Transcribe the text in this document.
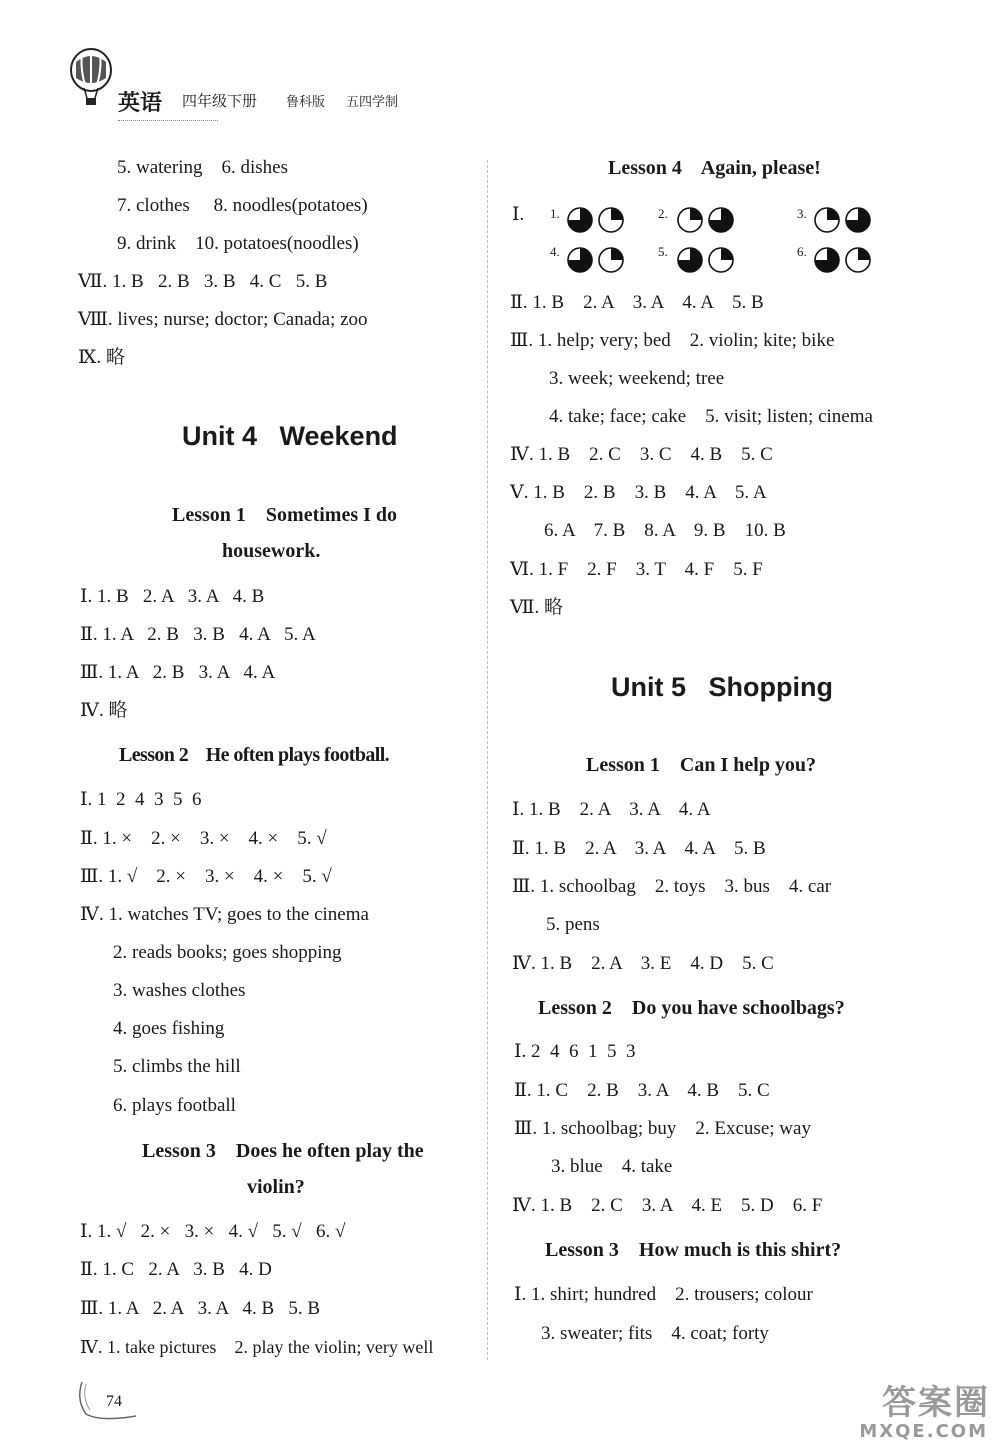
英语 四年级下册 鲁科版 五四学制
5. watering    6. dishes
7. clothes     8. noodles(potatoes)
9. drink    10. potatoes(noodles)
Ⅶ. 1. B   2. B   3. B   4. C   5. B
Ⅷ. lives; nurse; doctor; Canada; zoo
Ⅸ. 略
Unit 4   Weekend
Lesson 1    Sometimes I do
housework.
Ⅰ. 1. B   2. A   3. A   4. B
Ⅱ. 1. A   2. B   3. B   4. A   5. A
Ⅲ. 1. A   2. B   3. A   4. A
Ⅳ. 略
Lesson 2    He often plays football.
Ⅰ. 1  2  4  3  5  6
Ⅱ. 1. ×    2. ×    3. ×    4. ×    5. √
Ⅲ. 1. √    2. ×    3. ×    4. ×    5. √
Ⅳ. 1. watches TV; goes to the cinema
2. reads books; goes shopping
3. washes clothes
4. goes fishing
5. climbs the hill
6. plays football
Lesson 3    Does he often play the
violin?
Ⅰ. 1. √   2. ×   3. ×   4. √   5. √   6. √
Ⅱ. 1. C   2. A   3. B   4. D
Ⅲ. 1. A   2. A   3. A   4. B   5. B
Ⅳ. 1. take pictures    2. play the violin; very well
Lesson 4    Again, please!
Ⅰ. 1.	2.	3.
4.	5.	6.
Ⅱ. 1. B    2. A    3. A    4. A    5. B
Ⅲ. 1. help; very; bed    2. violin; kite; bike
3. week; weekend; tree
4. take; face; cake    5. visit; listen; cinema
Ⅳ. 1. B    2. C    3. C    4. B    5. C
Ⅴ. 1. B    2. B    3. B    4. A    5. A
6. A    7. B    8. A    9. B    10. B
Ⅵ. 1. F    2. F    3. T    4. F    5. F
Ⅶ. 略
Unit 5   Shopping
Lesson 1    Can I help you?
Ⅰ. 1. B    2. A    3. A    4. A
Ⅱ. 1. B    2. A    3. A    4. A    5. B
Ⅲ. 1. schoolbag    2. toys    3. bus    4. car
5. pens
Ⅳ. 1. B    2. A    3. E    4. D    5. C
Lesson 2    Do you have schoolbags?
Ⅰ. 2  4  6  1  5  3
Ⅱ. 1. C    2. B    3. A    4. B    5. C
Ⅲ. 1. schoolbag; buy    2. Excuse; way
3. blue    4. take
Ⅳ. 1. B    2. C    3. A    4. E    5. D    6. F
Lesson 3    How much is this shirt?
Ⅰ. 1. shirt; hundred    2. trousers; colour
3. sweater; fits    4. coat; forty
74	答案圈
MXQE.COM
